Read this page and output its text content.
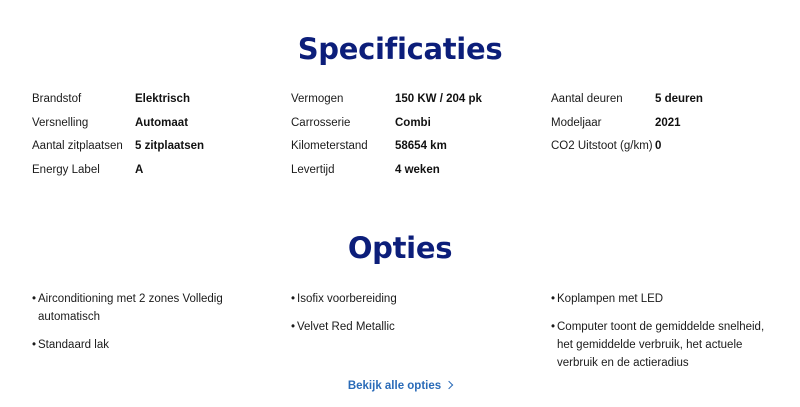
Specificaties
Brandstof	Elektrisch
Versnelling	Automaat
Aantal zitplaatsen 5 zitplaatsen
Energy Label	A
Vermogen	150 KW / 204 pk
Carrosserie	Combi
Kilometerstand 58654 km
Levertijd	4 weken
Aantal deuren	5 deuren
Modeljaar	2021
CO2 Uitstoot (g/km) 0
Opties
• Airconditioning met 2 zones Volledig automatisch
• Standaard lak
• Isofix voorbereiding
• Velvet Red Metallic
• Koplampen met LED
• Computer toont de gemiddelde snelheid, het gemiddelde verbruik, het actuele verbruik en de actieradius
Bekijk alle opties
